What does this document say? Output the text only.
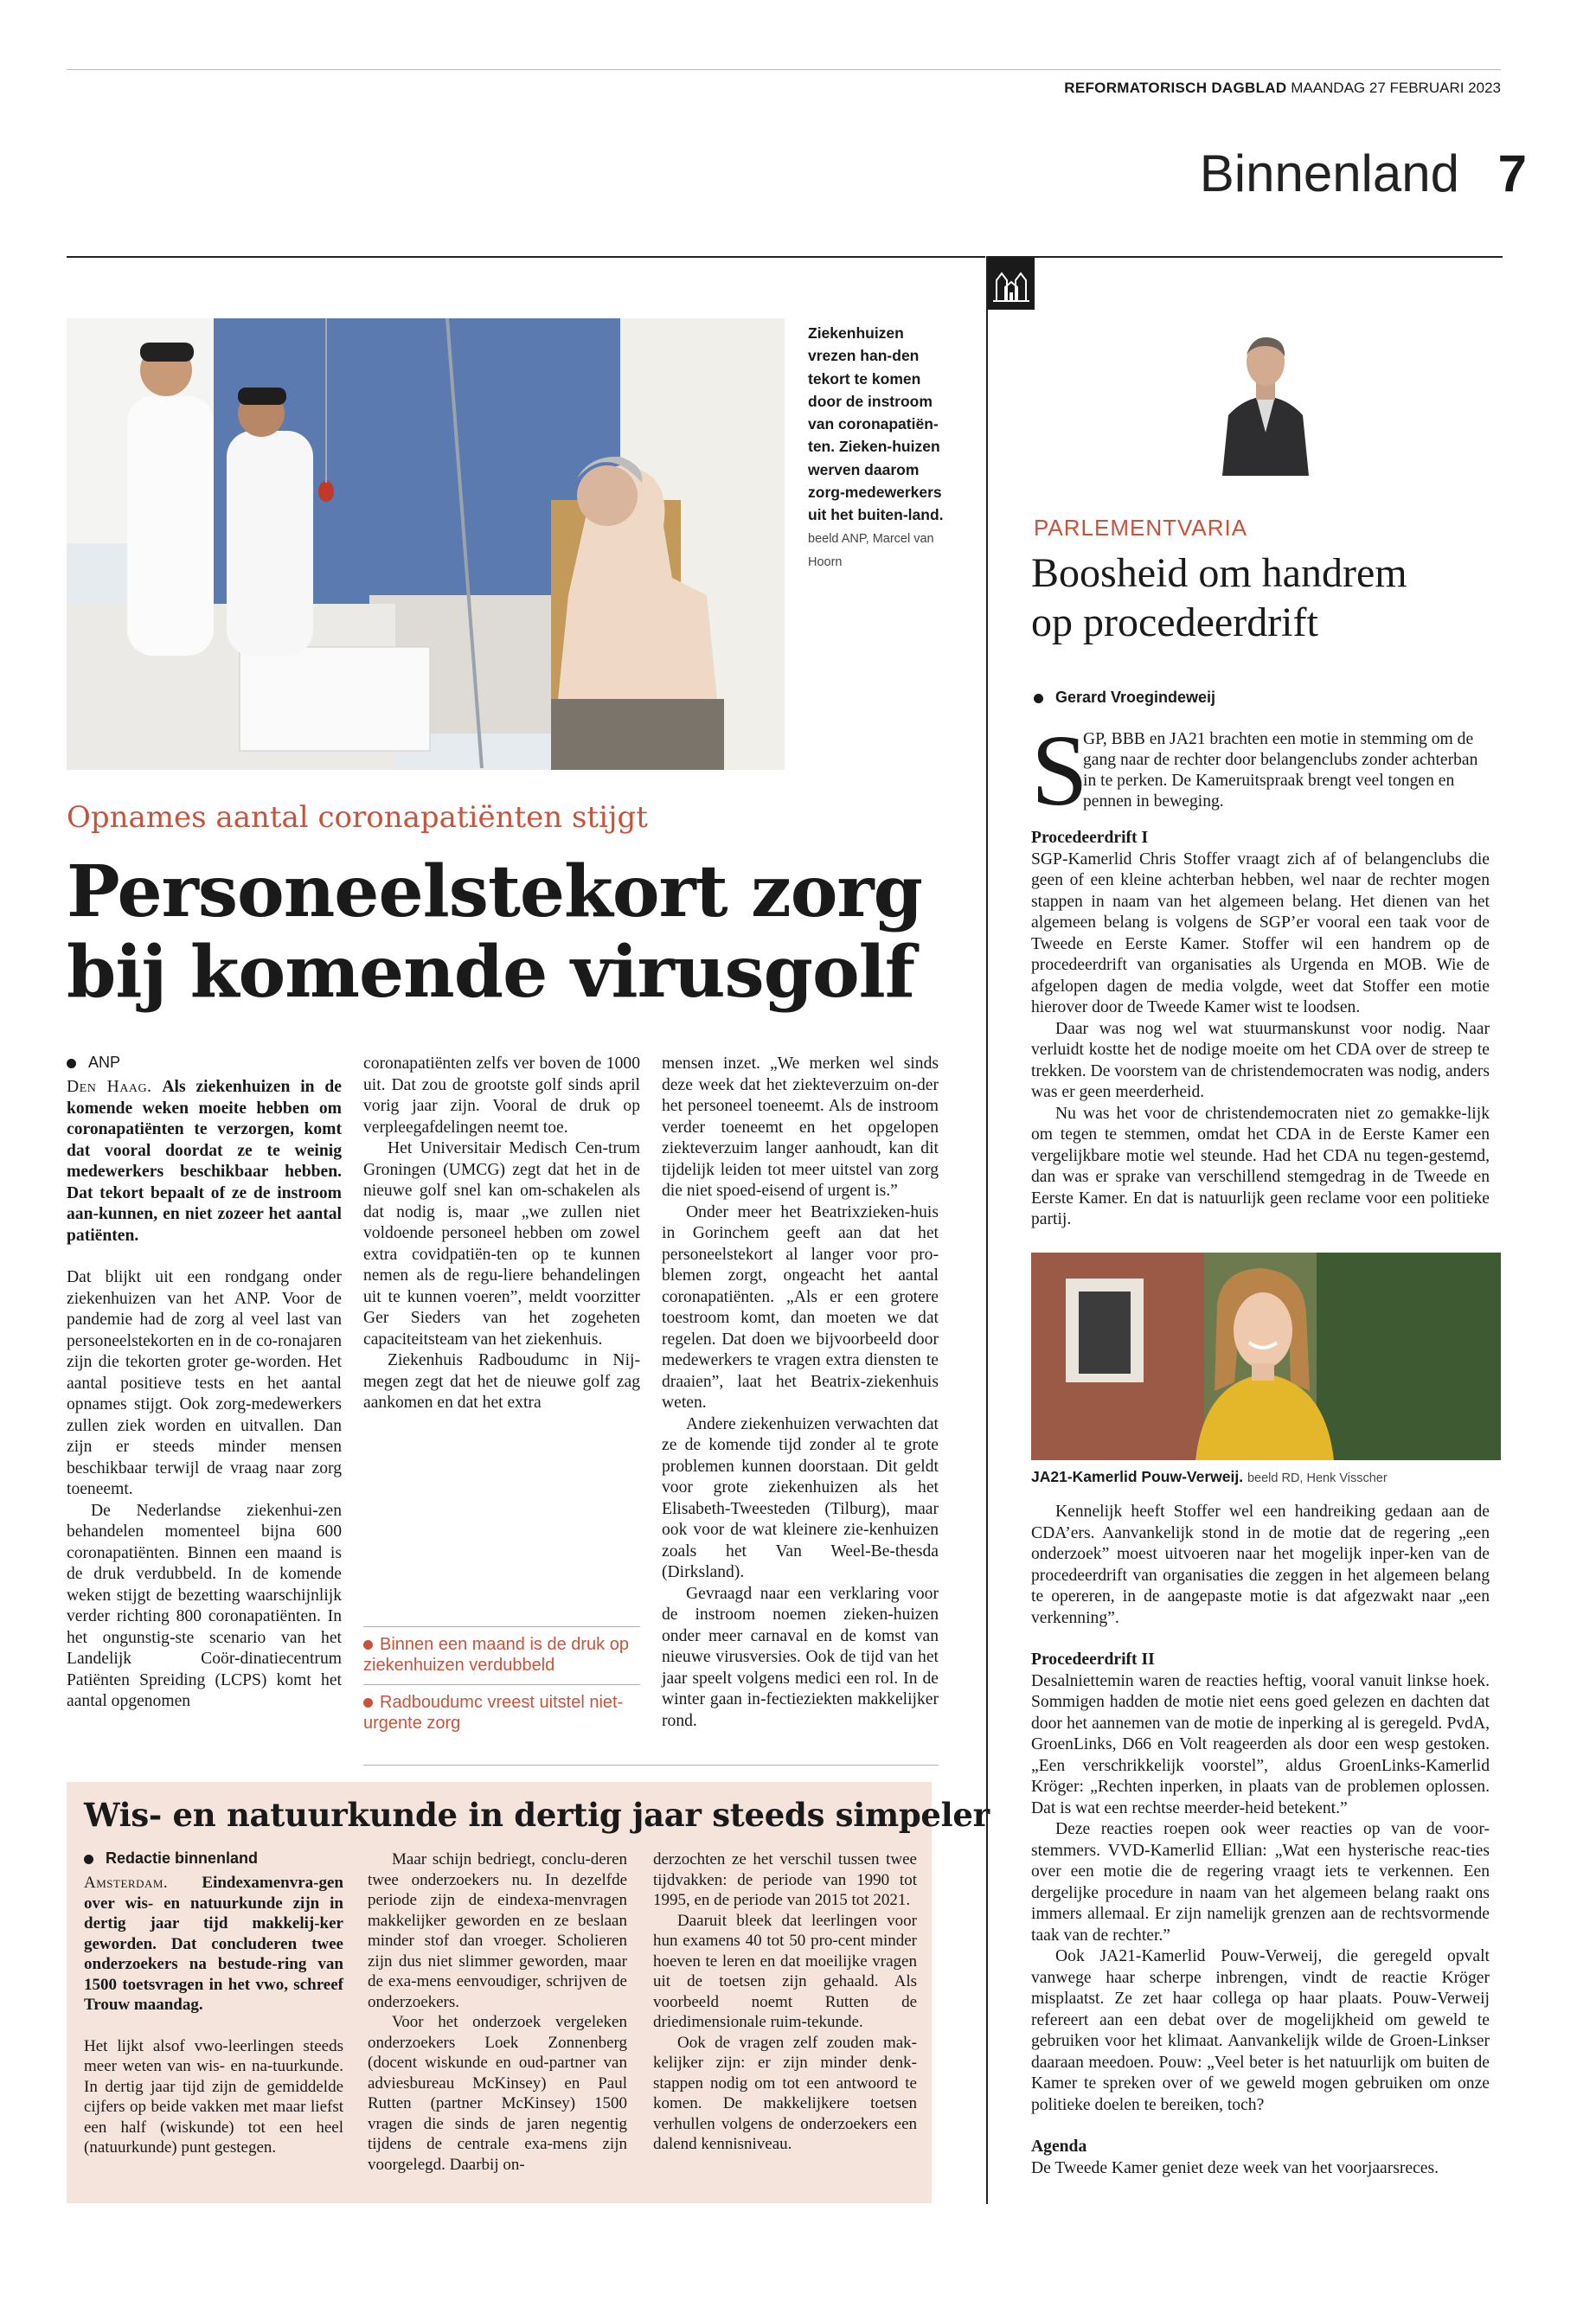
REFORMATORISCH DAGBLAD MAANDAG 27 FEBRUARI 2023
Binnenland 7
Ziekenhuizen vrezen han-den tekort te komen door de instroom van coronapatiën-ten. Zieken-huizen werven daarom zorg-medewerkers uit het buiten-land. beeld ANP, Marcel van Hoorn
Opnames aantal coronapatiënten stijgt
Personeelstekort zorg
bij komende virusgolf
ANP

Den Haag. Als ziekenhuizen in de komende weken moeite hebben om coronapatiënten te verzorgen, komt dat vooral doordat ze te weinig medewerkers beschikbaar hebben. Dat tekort bepaalt of ze de instroom aan-kunnen, en niet zozeer het aantal patiënten.

Dat blijkt uit een rondgang onder ziekenhuizen van het ANP. Voor de pandemie had de zorg al veel last van personeelstekorten en in de co-ronajaren zijn die tekorten groter ge-worden. Het aantal positieve tests en het aantal opnames stijgt. Ook zorg-medewerkers zullen ziek worden en uitvallen. Dan zijn er steeds minder mensen beschikbaar terwijl de vraag naar zorg toeneemt.

De Nederlandse ziekenhui-zen behandelen momenteel bijna 600 coronapatiënten. Binnen een maand is de druk verdubbeld. In de komende weken stijgt de bezetting waarschijnlijk verder richting 800 coronapatiënten. In het ongunstig-ste scenario van het Landelijk Coör-dinatiecentrum Patiënten Spreiding (LCPS) komt het aantal opgenomen

coronapatiënten zelfs ver boven de 1000 uit. Dat zou de grootste golf sinds april vorig jaar zijn. Vooral de druk op verpleegafdelingen neemt toe.

Het Universitair Medisch Cen-trum Groningen (UMCG) zegt dat het in de nieuwe golf snel kan om-schakelen als dat nodig is, maar „we zullen niet voldoende personeel hebben om zowel extra covidpatiën-ten op te kunnen nemen als de regu-liere behandelingen uit te kunnen voeren”, meldt voorzitter Ger Sieders van het zogeheten capaciteitsteam van het ziekenhuis.

Ziekenhuis Radboudumc in Nij-megen zegt dat het de nieuwe golf zag aankomen en dat het extra

Binnen een maand is de druk op ziekenhuizen verdubbeld
Radboudumc vreest uitstel niet-urgente zorg

mensen inzet. „We merken wel sinds deze week dat het ziekteverzuim on-der het personeel toeneemt. Als de instroom verder toeneemt en het opgelopen ziekteverzuim langer aanhoudt, kan dit tijdelijk leiden tot meer uitstel van zorg die niet spoed-eisend of urgent is.”

Onder meer het Beatrixzieken-huis in Gorinchem geeft aan dat het personeelstekort al langer voor pro-blemen zorgt, ongeacht het aantal coronapatiënten. „Als er een grotere toestroom komt, dan moeten we dat regelen. Dat doen we bijvoorbeeld door medewerkers te vragen extra diensten te draaien”, laat het Beatrix-ziekenhuis weten.

Andere ziekenhuizen verwachten dat ze de komende tijd zonder al te grote problemen kunnen doorstaan. Dit geldt voor grote ziekenhuizen als het Elisabeth-Tweesteden (Tilburg), maar ook voor de wat kleinere zie-kenhuizen zoals het Van Weel-Be-thesda (Dirksland).

Gevraagd naar een verklaring voor de instroom noemen zieken-huizen onder meer carnaval en de komst van nieuwe virusversies. Ook de tijd van het jaar speelt volgens medici een rol. In de winter gaan in-fectieziekten makkelijker rond.

PARLEMENTVARIA
Boosheid om handrem
op procedeerdrift
Gerard Vroegindeweij
S
GP, BBB en JA21 brachten een motie in stemming om de gang naar de rechter door belangenclubs zonder achterban in te perken. De Kameruitspraak brengt veel tongen en pennen in beweging.

Procedeerdrift I

SGP-Kamerlid Chris Stoffer vraagt zich af of belangenclubs die geen of een kleine achterban hebben, wel naar de rechter mogen stappen in naam van het algemeen belang. Het dienen van het algemeen belang is volgens de SGP’er vooral een taak voor de Tweede en Eerste Kamer. Stoffer wil een handrem op de procedeerdrift van organisaties als Urgenda en MOB. Wie de afgelopen dagen de media volgde, weet dat Stoffer een motie hierover door de Tweede Kamer wist te loodsen.

Daar was nog wel wat stuurmanskunst voor nodig. Naar verluidt kostte het de nodige moeite om het CDA over de streep te trekken. De voorstem van de christendemocraten was nodig, anders was er geen meerderheid.

Nu was het voor de christendemocraten niet zo gemakke-lijk om tegen te stemmen, omdat het CDA in de Eerste Kamer een vergelijkbare motie wel steunde. Had het CDA nu tegen-gestemd, dan was er sprake van verschillend stemgedrag in de Tweede en Eerste Kamer. En dat is natuurlijk geen reclame voor een politieke partij.

JA21-Kamerlid Pouw-Verweij. beeld RD, Henk Visscher

Kennelijk heeft Stoffer wel een handreiking gedaan aan de CDA’ers. Aanvankelijk stond in de motie dat de regering „een onderzoek” moest uitvoeren naar het mogelijk inper-ken van de procedeerdrift van organisaties die zeggen in het algemeen belang te opereren, in de aangepaste motie is dat afgezwakt naar „een verkenning”.

Procedeerdrift II

Desalniettemin waren de reacties heftig, vooral vanuit linkse hoek. Sommigen hadden de motie niet eens goed gelezen en dachten dat door het aannemen van de motie de inperking al is geregeld. PvdA, GroenLinks, D66 en Volt reageerden als door een wesp gestoken. „Een verschrikkelijk voorstel”, aldus GroenLinks-Kamerlid Kröger: „Rechten inperken, in plaats van de problemen oplossen. Dat is wat een rechtse meerder-heid betekent.”

Deze reacties roepen ook weer reacties op van de voor-stemmers. VVD-Kamerlid Ellian: „Wat een hysterische reac-ties over een motie die de regering vraagt iets te verkennen. Een dergelijke procedure in naam van het algemeen belang raakt ons immers allemaal. Er zijn namelijk grenzen aan de rechtsvormende taak van de rechter.”

Ook JA21-Kamerlid Pouw-Verweij, die geregeld opvalt vanwege haar scherpe inbrengen, vindt de reactie Kröger misplaatst. Ze zet haar collega op haar plaats. Pouw-Verweij refereert aan een debat over de mogelijkheid om geweld te gebruiken voor het klimaat. Aanvankelijk wilde de Groen-Linkser daaraan meedoen. Pouw: „Veel beter is het natuurlijk om buiten de Kamer te spreken over of we geweld mogen gebruiken om onze politieke doelen te bereiken, toch?

Agenda

De Tweede Kamer geniet deze week van het voorjaarsreces.

Wis- en natuurkunde in dertig jaar steeds simpeler
Redactie binnenland

Amsterdam. Eindexamenvra-gen over wis- en natuurkunde zijn in dertig jaar tijd makkelij-ker geworden. Dat concluderen twee onderzoekers na bestude-ring van 1500 toetsvragen in het vwo, schreef Trouw maandag.

Het lijkt alsof vwo-leerlingen steeds meer weten van wis- en na-tuurkunde. In dertig jaar tijd zijn de gemiddelde cijfers op beide vakken met maar liefst een half (wiskunde) tot een heel (natuurkunde) punt gestegen.

Maar schijn bedriegt, conclu-deren twee onderzoekers nu. In dezelfde periode zijn de eindexa-menvragen makkelijker geworden en ze beslaan minder stof dan vroeger. Scholieren zijn dus niet slimmer geworden, maar de exa-mens eenvoudiger, schrijven de onderzoekers.

Voor het onderzoek vergeleken onderzoekers Loek Zonnenberg (docent wiskunde en oud-partner van adviesbureau McKinsey) en Paul Rutten (partner McKinsey) 1500 vragen die sinds de jaren negentig tijdens de centrale exa-mens zijn voorgelegd. Daarbij on-

derzochten ze het verschil tussen twee tijdvakken: de periode van 1990 tot 1995, en de periode van 2015 tot 2021.

Daaruit bleek dat leerlingen voor hun examens 40 tot 50 pro-cent minder hoeven te leren en dat moeilijke vragen uit de toetsen zijn gehaald. Als voorbeeld noemt Rutten de driedimensionale ruim-tekunde.

Ook de vragen zelf zouden mak-kelijker zijn: er zijn minder denk-stappen nodig om tot een antwoord te komen. De makkelijkere toetsen verhullen volgens de onderzoekers een dalend kennisniveau.
